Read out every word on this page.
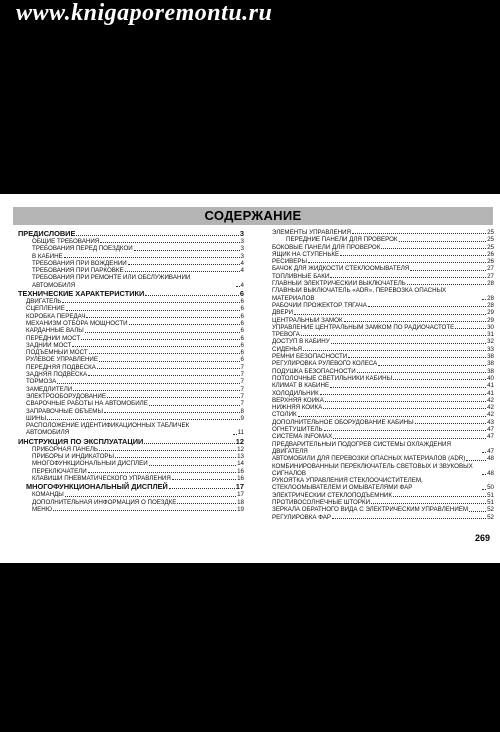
www.knigaporemontu.ru
СОДЕРЖАНИЕ
ПРЕДИСЛОВИЕ	3
ОБЩИЕ ТРЕБОВАНИЯ	3
ТРЕБОВАНИЯ ПЕРЕД ПОЕЗДКОЙ	3
В КАБИНЕ	3
ТРЕБОВАНИЯ ПРИ ВОЖДЕНИИ	4
ТРЕБОВАНИЯ ПРИ ПАРКОВКЕ	4
ТРЕБОВАНИЯ ПРИ РЕМОНТЕ ИЛИ ОБСЛУЖИВАНИИ АВТОМОБИЛЯ	4
ТЕХНИЧЕСКИЕ ХАРАКТЕРИСТИКИ	6
ДВИГАТЕЛЬ	6
СЦЕПЛЕНИЕ	6
КОРОБКА ПЕРЕДАЧ	6
МЕХАНИЗМ ОТБОРА МОЩНОСТИ	6
КАРДАННЫЕ ВАЛЫ	6
ПЕРЕДНИЙ МОСТ	6
ЗАДНИЙ МОСТ	6
ПОДЪЕМНЫЙ МОСТ	6
РУЛЕВОЕ УПРАВЛЕНИЕ	6
ПЕРЕДНЯЯ ПОДВЕСКА	7
ЗАДНЯЯ ПОДВЕСКА	7
ТОРМОЗА	7
ЗАМЕДЛИТЕЛИ	7
ЭЛЕКТРООБОРУДОВАНИЕ	7
СВАРОЧНЫЕ РАБОТЫ НА АВТОМОБИЛЕ	7
ЗАПРАВОЧНЫЕ ОБЪЕМЫ	8
ШИНЫ	9
РАСПОЛОЖЕНИЕ ИДЕНТИФИКАЦИОННЫХ ТАБЛИЧЕК АВТОМОБИЛЯ	11
ИНСТРУКЦИЯ ПО ЭКСПЛУАТАЦИИ	12
ПРИБОРНАЯ ПАНЕЛЬ	12
ПРИБОРЫ И ИНДИКАТОРЫ	13
МНОГОФУНКЦИОНАЛЬНЫЙ ДИСПЛЕЙ	14
ПЕРЕКЛЮЧАТЕЛИ	16
КЛАВИШИ ПНЕВМАТИЧЕСКОГО УПРАВЛЕНИЯ	16
МНОГОФУНКЦИОНАЛЬНЫЙ ДИСПЛЕЙ	17
КОМАНДЫ	17
ДОПОЛНИТЕЛЬНАЯ ИНФОРМАЦИЯ О ПОЕЗДКЕ	18
МЕНЮ	19
ЭЛЕМЕНТЫ УПРАВЛЕНИЯ	25
ПЕРЕДНИЕ ПАНЕЛИ ДЛЯ ПРОВЕРОК	25
БОКОВЫЕ ПАНЕЛИ ДЛЯ ПРОВЕРОК	25
ЯЩИК НА СТУПЕНЬКЕ	26
РЕСИВЕРЫ	26
БАЧОК ДЛЯ ЖИДКОСТИ СТЕКЛООМЫВАТЕЛЯ	27
ТОПЛИВНЫЕ БАКИ	27
ГЛАВНЫЙ ЭЛЕКТРИЧЕСКИЙ ВЫКЛЮЧАТЕЛЬ	28
ГЛАВНЫЙ ВЫКЛЮЧАТЕЛЬ «ADR», ПЕРЕВОЗКА ОПАСНЫХ МАТЕРИАЛОВ	28
РАБОЧИЙ ПРОЖЕКТОР ТЯГАЧА	28
ДВЕРИ	29
ЦЕНТРАЛЬНЫЙ ЗАМОК	29
УПРАВЛЕНИЕ ЦЕНТРАЛЬНЫМ ЗАМКОМ ПО РАДИОЧАСТОТЕ	30
ТРЕВОГА	31
ДОСТУП В КАБИНУ	32
СИДЕНЬЯ	33
РЕМНИ БЕЗОПАСНОСТИ	38
РЕГУЛИРОВКА РУЛЕВОГО КОЛЕСА	38
ПОДУШКА БЕЗОПАСНОСТИ	38
ПОТОЛОЧНЫЕ СВЕТИЛЬНИКИ КАБИНЫ	40
КЛИМАТ В КАБИНЕ	41
ХОЛОДИЛЬНИК	41
ВЕРХНЯЯ КОЙКА	42
НИЖНЯЯ КОЙКА	42
СТОЛИК	42
ДОПОЛНИТЕЛЬНОЕ ОБОРУДОВАНИЕ КАБИНЫ	43
ОГНЕТУШИТЕЛЬ	47
СИСТЕМА INFOMAX	47
ПРЕДВАРИТЕЛЬНЫЙ ПОДОГРЕВ СИСТЕМЫ ОХЛАЖДЕНИЯ ДВИГАТЕЛЯ	47
АВТОМОБИЛИ ДЛЯ ПЕРЕВОЗКИ ОПАСНЫХ МАТЕРИАЛОВ (ADR)	48
КОМБИНИРОВАННЫЙ ПЕРЕКЛЮЧАТЕЛЬ СВЕТОВЫХ И ЗВУКОВЫХ СИГНАЛОВ	48
РУКОЯТКА УПРАВЛЕНИЯ СТЕКЛООЧИСТИТЕЛЕМ, СТЕКЛООМЫВАТЕЛЕМ И ОМЫВАТЕЛЯМИ ФАР	50
ЭЛЕКТРИЧЕСКИЙ СТЕКЛОПОДЪЕМНИК	51
ПРОТИВОСОЛНЕЧНЫЕ ШТОРКИ	51
ЗЕРКАЛА ОБРАТНОГО ВИДА С ЭЛЕКТРИЧЕСКИМ УПРАВЛЕНИЕМ	52
РЕГУЛИРОВКА ФАР	52
269
